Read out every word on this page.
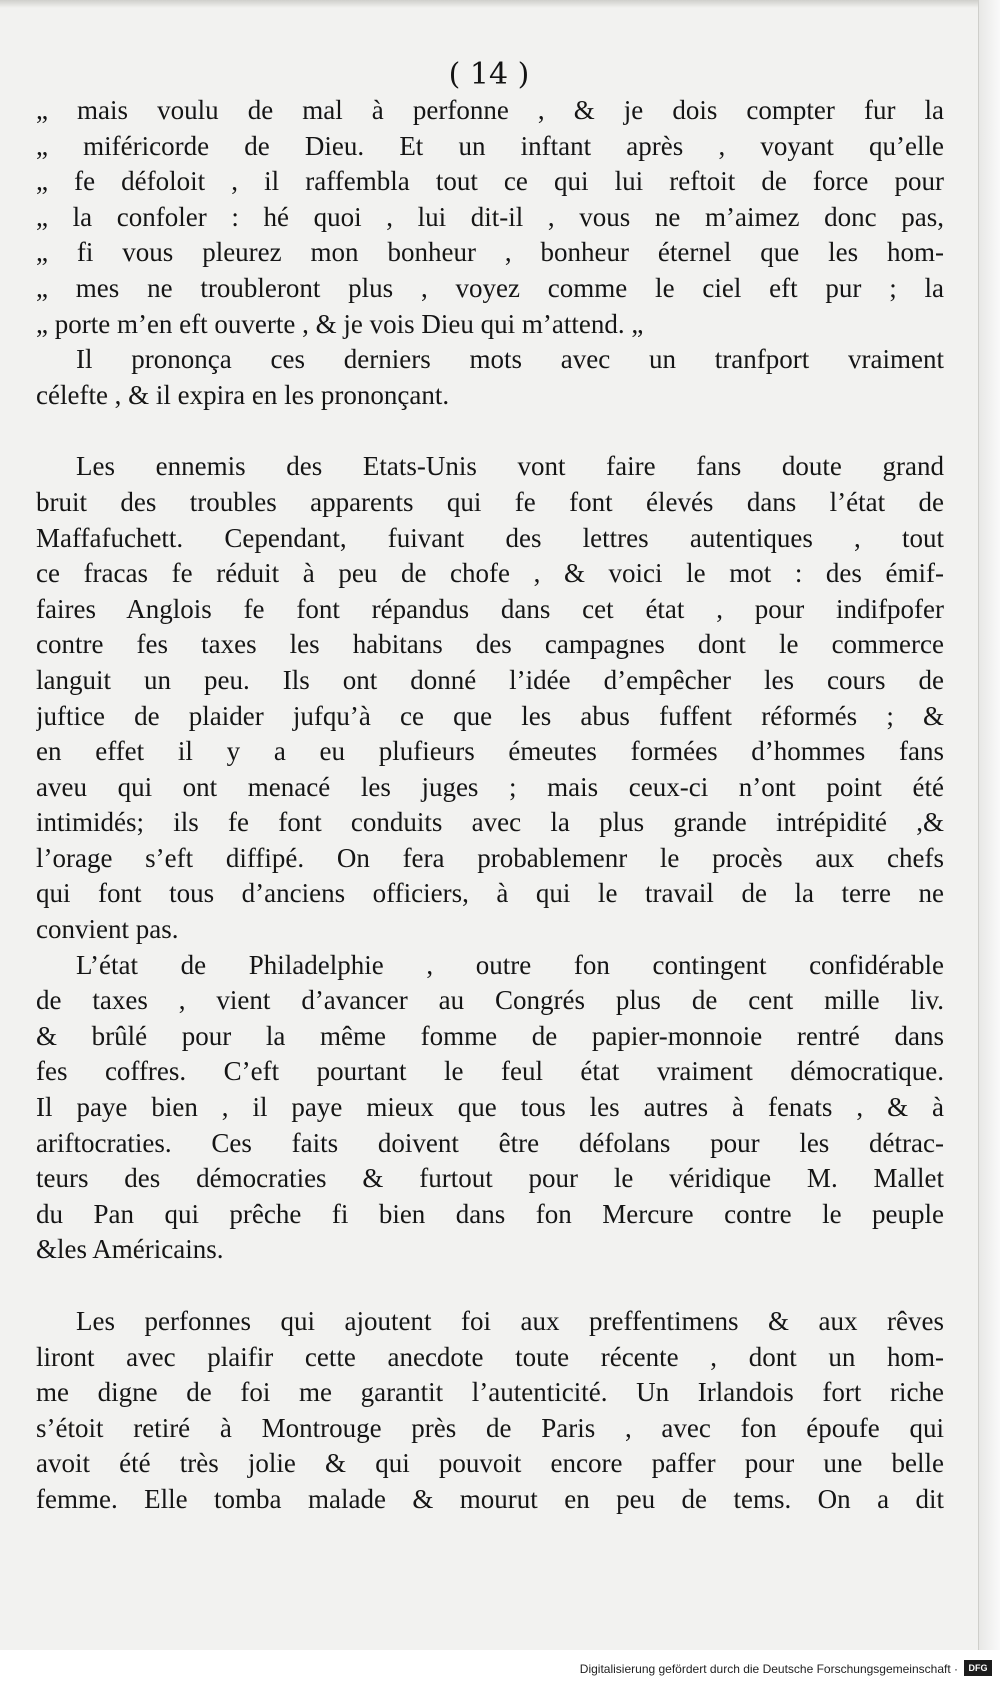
( 14 )
„ mais voulu de mal à perfonne , & je dois compter fur la
„ miféricorde de Dieu. Et un inftant après , voyant qu’elle
„ fe défoloit , il raffembla tout ce qui lui reftoit de force pour
„ la confoler : hé quoi , lui dit-il , vous ne m’aimez donc pas,
„ fi vous pleurez mon bonheur , bonheur éternel que les hom-
„ mes ne troubleront plus , voyez comme le ciel eft pur ; la
„ porte m’en eft ouverte , & je vois Dieu qui m’attend. „
Il prononça ces derniers mots avec un tranfport vraiment
célefte , & il expira en les prononçant.
Les ennemis des Etats-Unis vont faire fans doute grand
bruit des troubles apparents qui fe font élevés dans l’état de
Maffafuchett. Cependant, fuivant des lettres autentiques , tout
ce fracas fe réduit à peu de chofe , & voici le mot : des émif-
faires Anglois fe font répandus dans cet état , pour indifpofer
contre fes taxes les habitans des campagnes dont le commerce
languit un peu. Ils ont donné l’idée d’empêcher les cours de
juftice de plaider jufqu’à ce que les abus fuffent réformés ; &
en effet il y a eu plufieurs émeutes formées d’hommes fans
aveu qui ont menacé les juges ; mais ceux-ci n’ont point été
intimidés; ils fe font conduits avec la plus grande intrépidité ,&
l’orage s’eft diffipé. On fera probablemenr le procès aux chefs
qui font tous d’anciens officiers, à qui le travail de la terre ne
convient pas.
L’état de Philadelphie , outre fon contingent confidérable
de taxes , vient d’avancer au Congrés plus de cent mille liv.
& brûlé pour la même fomme de papier-monnoie rentré dans
fes coffres. C’eft pourtant le feul état vraiment démocratique.
Il paye bien , il paye mieux que tous les autres à fenats , & à
ariftocraties. Ces faits doivent être défolans pour les détrac-
teurs des démocraties & furtout pour le véridique M. Mallet
du Pan qui prêche fi bien dans fon Mercure contre le peuple
&les Américains.
Les perfonnes qui ajoutent foi aux preffentimens & aux rêves
liront avec plaifir cette anecdote toute récente , dont un hom-
me digne de foi me garantit l’autenticité. Un Irlandois fort riche
s’étoit retiré à Montrouge près de Paris , avec fon époufe qui
avoit été très jolie & qui pouvoit encore paffer pour une belle
femme. Elle tomba malade & mourut en peu de tems. On a dit
Digitalisierung gefördert durch die Deutsche Forschungsgemeinschaft ·	DFG
